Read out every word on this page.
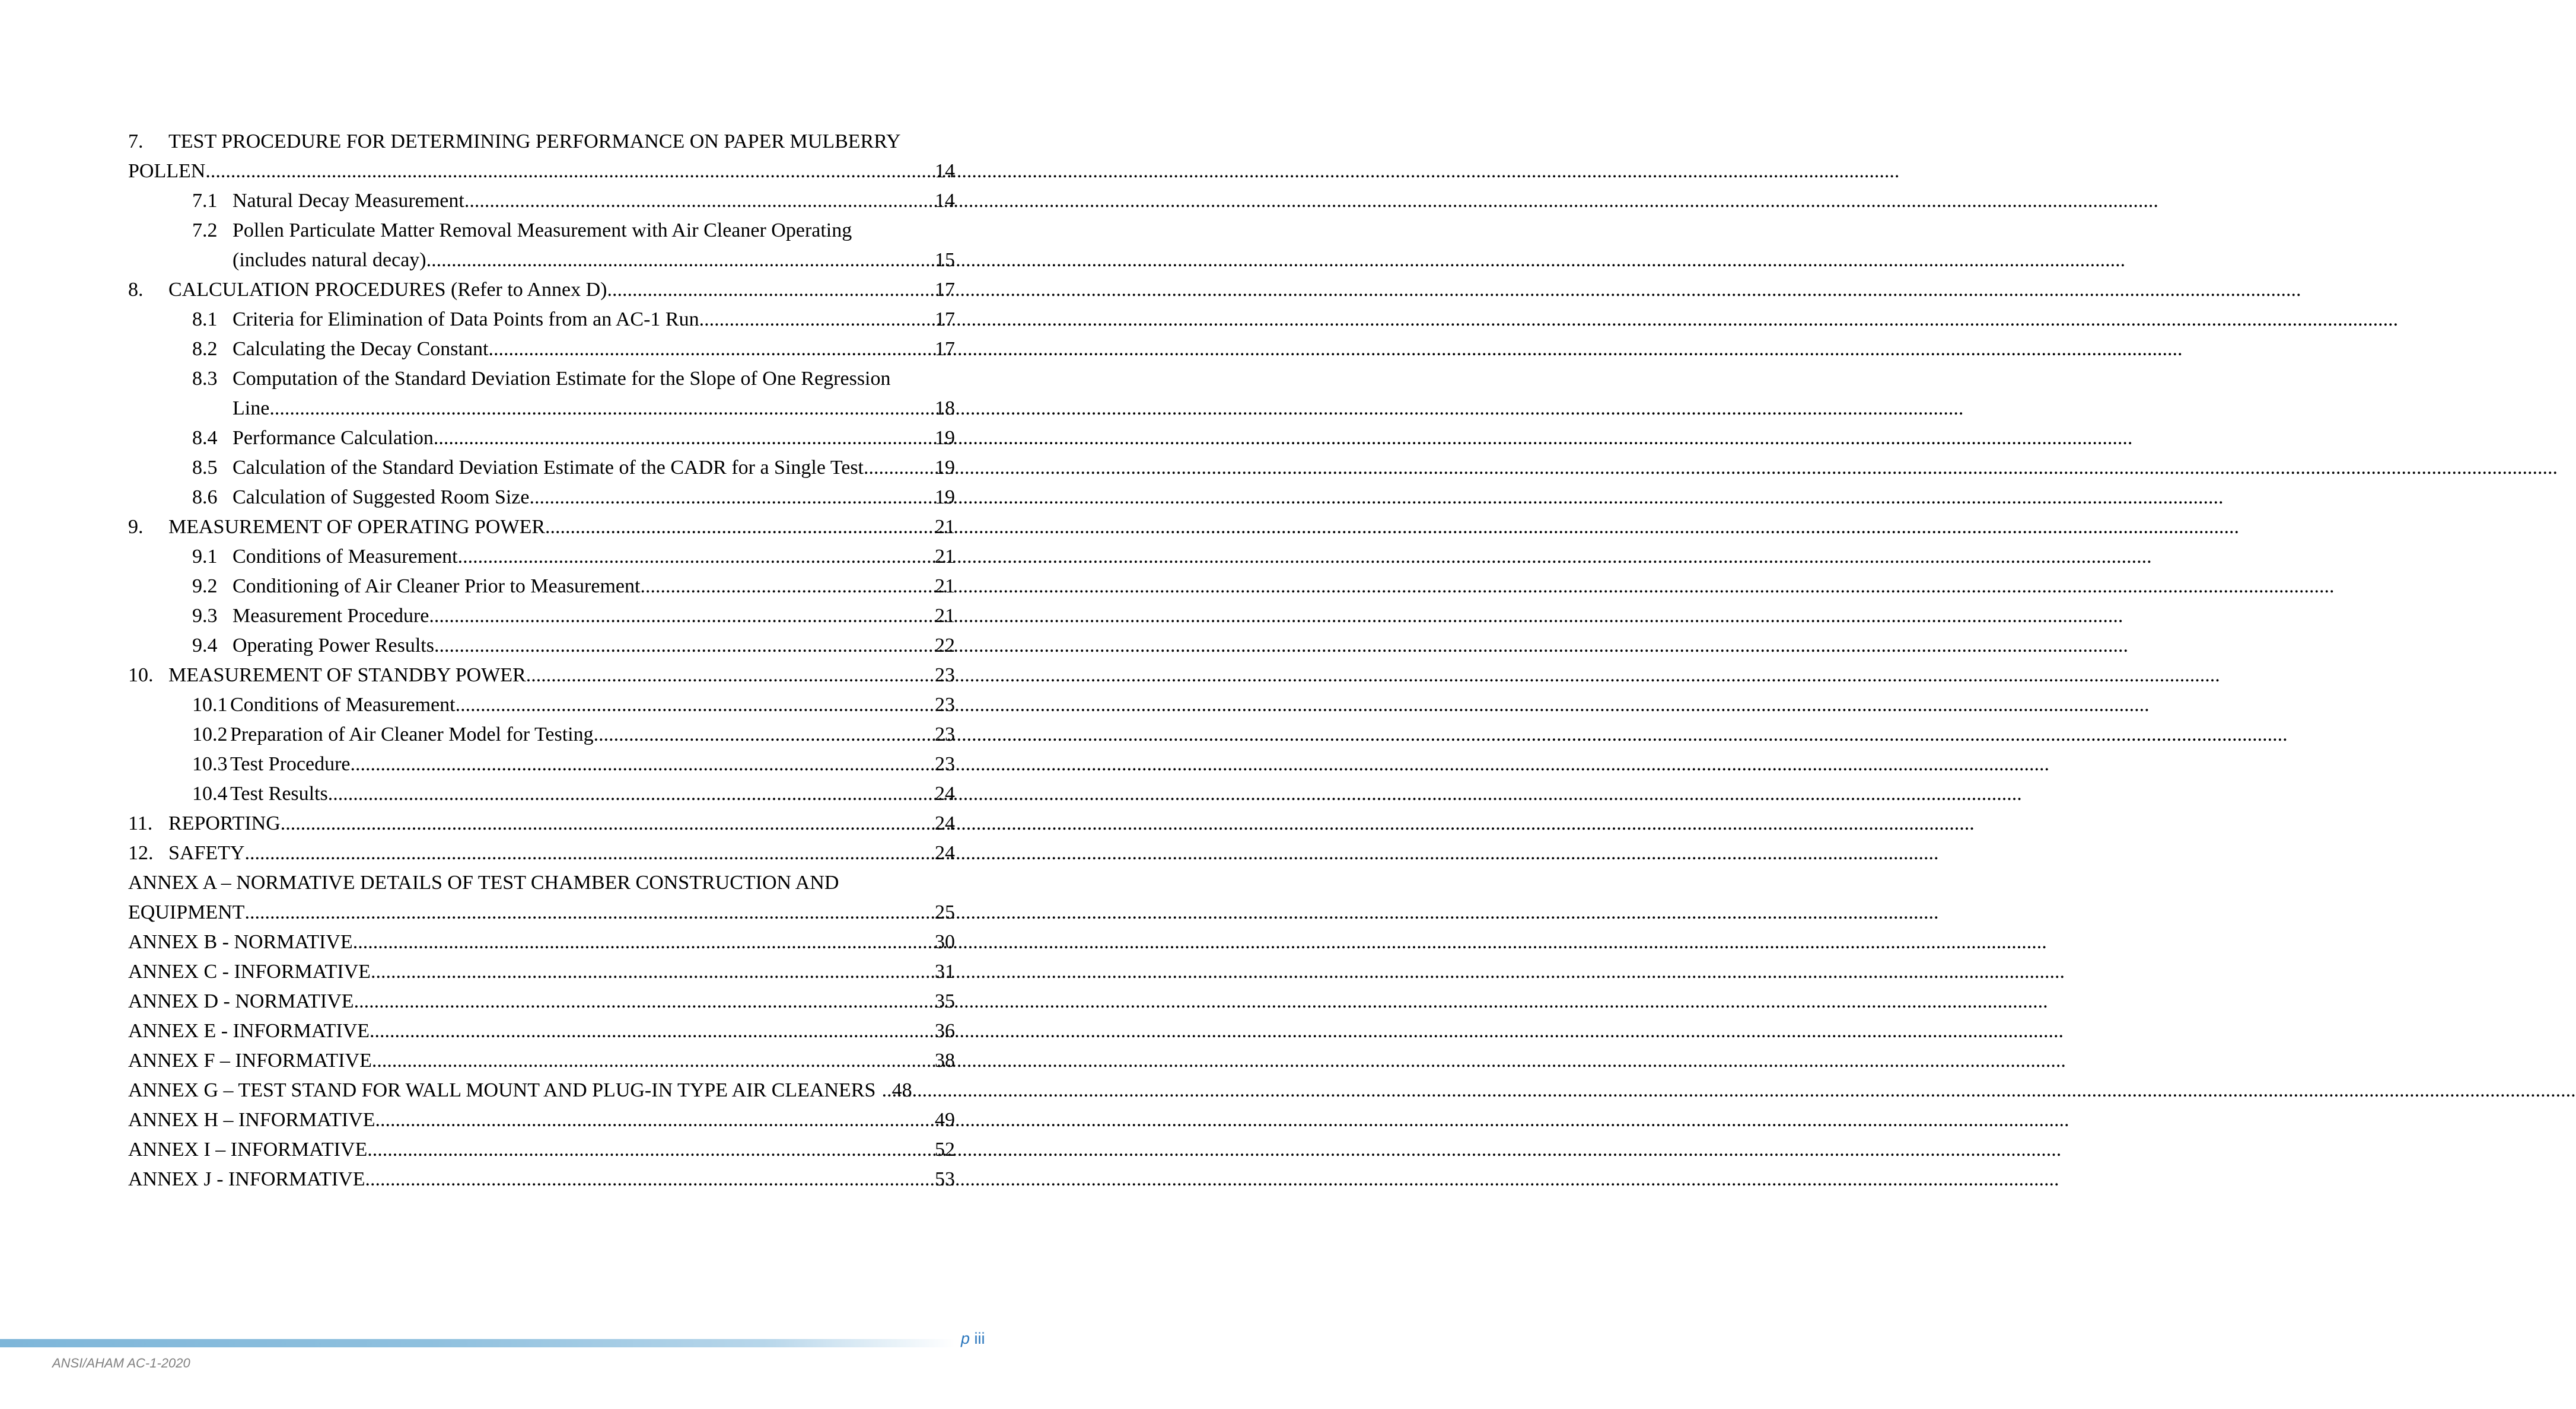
7.	TEST PROCEDURE FOR DETERMINING PERFORMANCE ON PAPER MULBERRY
POLLEN .....	14
7.1 Natural Decay Measurement .....	14
7.2 Pollen Particulate Matter Removal Measurement with Air Cleaner Operating
(includes natural decay). .....	15
8.	CALCULATION PROCEDURES (Refer to Annex D) .....	17
8.1 Criteria for Elimination of Data Points from an AC-1 Run. .....	17
8.2 Calculating the Decay Constant .....	17
8.3 Computation of the Standard Deviation Estimate for the Slope of One Regression
Line .....	18
8.4 Performance Calculation. .....	19
8.5 Calculation of the Standard Deviation Estimate of the CADR for a Single Test .....	19
8.6 Calculation of Suggested Room Size .....	19
9.	MEASUREMENT OF OPERATING POWER .....	21
9.1 Conditions of Measurement .....	21
9.2 Conditioning of Air Cleaner Prior to Measurement .....	21
9.3 Measurement Procedure .....	21
9.4 Operating Power Results .....	22
10. MEASUREMENT OF STANDBY POWER .....	23
10.1 Conditions of Measurement .....	23
10.2 Preparation of Air Cleaner Model for Testing .....	23
10.3 Test Procedure. .....	23
10.4 Test Results .....	24
11. REPORTING .....	24
12. SAFETY .....	24
ANNEX A – NORMATIVE DETAILS OF TEST CHAMBER CONSTRUCTION AND
EQUIPMENT .....	25
ANNEX B - NORMATIVE .....	30
ANNEX C - INFORMATIVE .....	31
ANNEX D - NORMATIVE .....	35
ANNEX E - INFORMATIVE .....	36
ANNEX F – INFORMATIVE .....	38
ANNEX G – TEST STAND FOR WALL MOUNT AND PLUG-IN TYPE AIR CLEANERS ..... 48
ANNEX H – INFORMATIVE .....	49
ANNEX I – INFORMATIVE .....	52
ANNEX J - INFORMATIVE .....	53
p iii
ANSI/AHAM AC-1-2020
